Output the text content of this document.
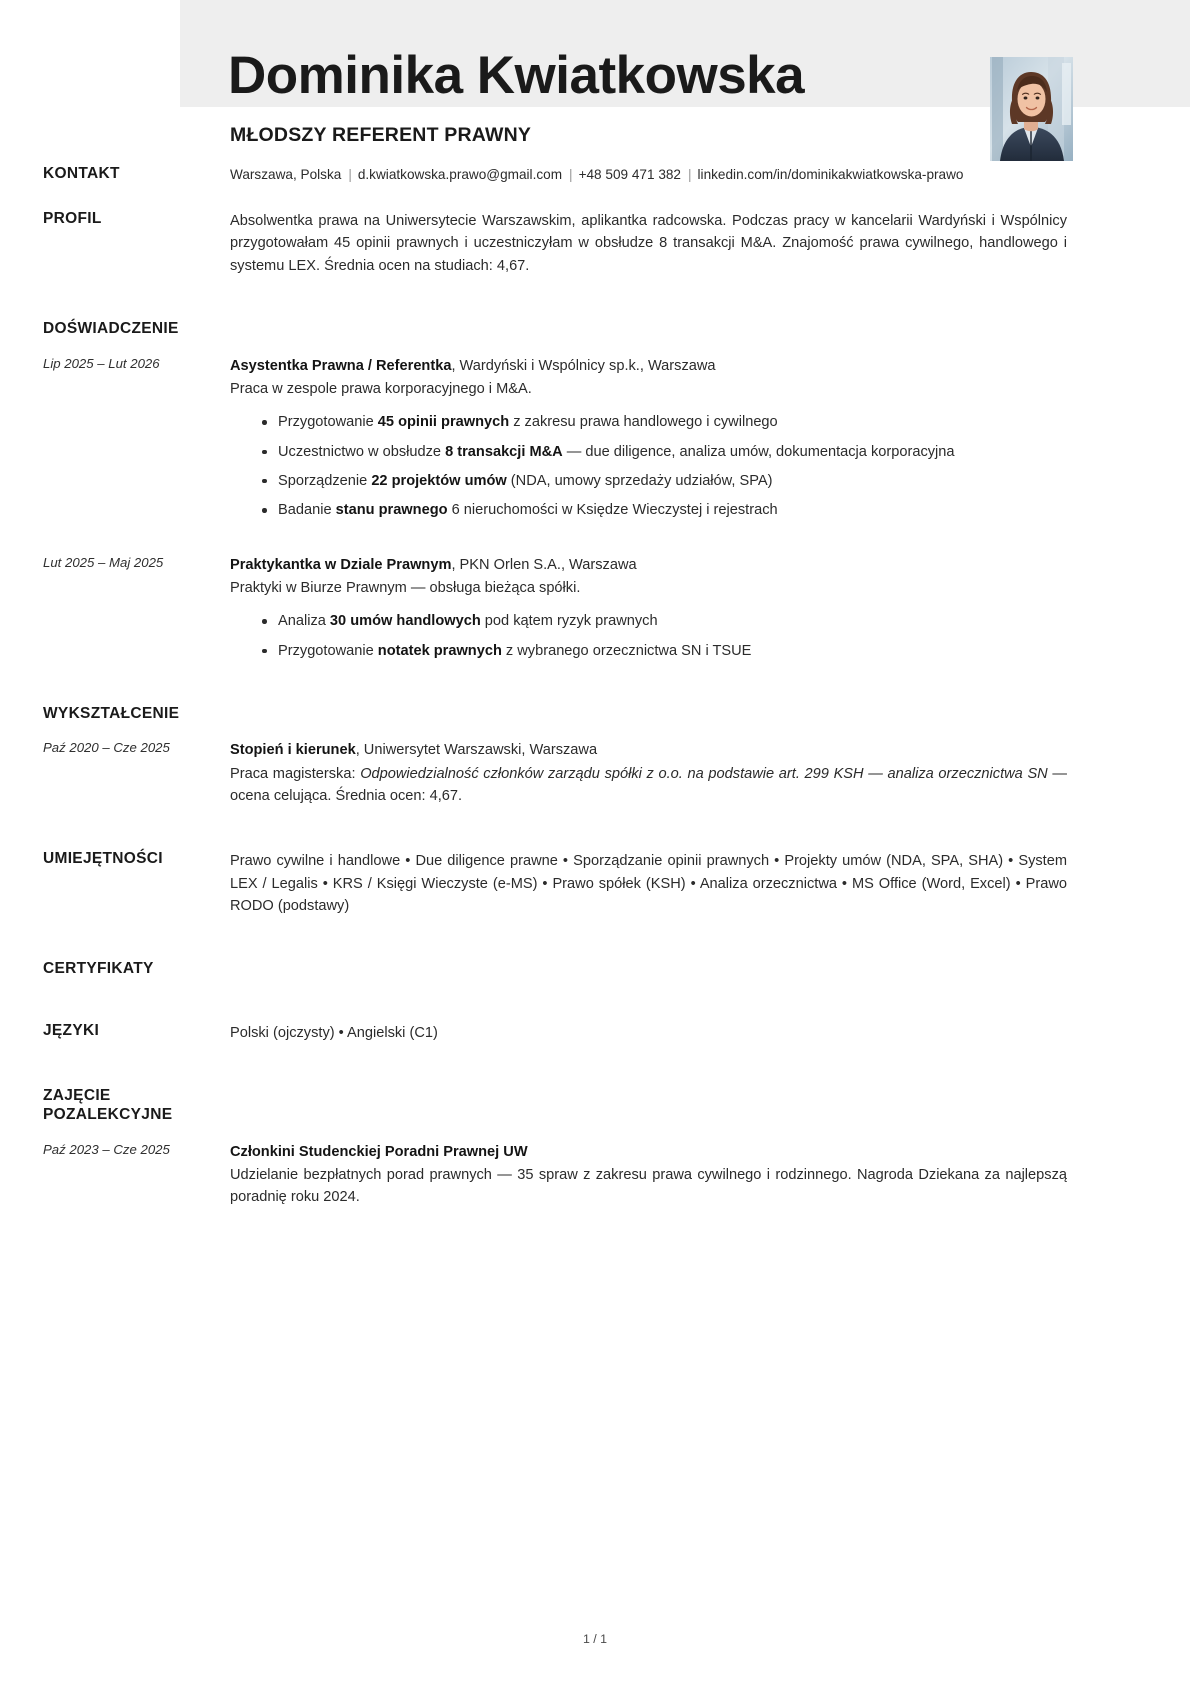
Dominika Kwiatkowska
MŁODSZY REFERENT PRAWNY
KONTAKT	Warszawa, Polska | d.kwiatkowska.prawo@gmail.com | +48 509 471 382 | linkedin.com/in/dominikakwiatkowska-prawo
PROFIL	Absolwentka prawa na Uniwersytecie Warszawskim, aplikantka radcowska. Podczas pracy w kancelarii Wardyński i Wspólnicy przygotowałam 45 opinii prawnych i uczestniczyłam w obsłudze 8 transakcji M&A. Znajomość prawa cywilnego, handlowego i systemu LEX. Średnia ocen na studiach: 4,67.
DOŚWIADCZENIE
Lip 2025 – Lut 2026	Asystentka Prawna / Referentka, Wardyński i Wspólnicy sp.k., Warszawa
Praca w zespole prawa korporacyjnego i M&A.
Przygotowanie 45 opinii prawnych z zakresu prawa handlowego i cywilnego
Uczestnictwo w obsłudze 8 transakcji M&A — due diligence, analiza umów, dokumentacja korporacyjna
Sporządzenie 22 projektów umów (NDA, umowy sprzedaży udziałów, SPA)
Badanie stanu prawnego 6 nieruchomości w Księdze Wieczystej i rejestrach
Lut 2025 – Maj 2025	Praktykantka w Dziale Prawnym, PKN Orlen S.A., Warszawa
Praktyki w Biurze Prawnym — obsługa bieżąca spółki.
Analiza 30 umów handlowych pod kątem ryzyk prawnych
Przygotowanie notatek prawnych z wybranego orzecznictwa SN i TSUE
WYKSZTAŁCENIE
Paź 2020 – Cze 2025	Stopień i kierunek, Uniwersytet Warszawski, Warszawa
Praca magisterska: Odpowiedzialność członków zarządu spółki z o.o. na podstawie art. 299 KSH — analiza orzecznictwa SN — ocena celująca. Średnia ocen: 4,67.
UMIEJĘTNOŚCI	Prawo cywilne i handlowe • Due diligence prawne • Sporządzanie opinii prawnych • Projekty umów (NDA, SPA, SHA) • System LEX / Legalis • KRS / Księgi Wieczyste (e-MS) • Prawo spółek (KSH) • Analiza orzecznictwa • MS Office (Word, Excel) • Prawo RODO (podstawy)
CERTYFIKATY
JĘZYKI	Polski (ojczysty) • Angielski (C1)
ZAJĘCIE POZALEKCYJNE
Paź 2023 – Cze 2025	Członkini Studenckiej Poradni Prawnej UW
Udzielanie bezpłatnych porad prawnych — 35 spraw z zakresu prawa cywilnego i rodzinnego. Nagroda Dziekana za najlepszą poradnię roku 2024.
1 / 1
